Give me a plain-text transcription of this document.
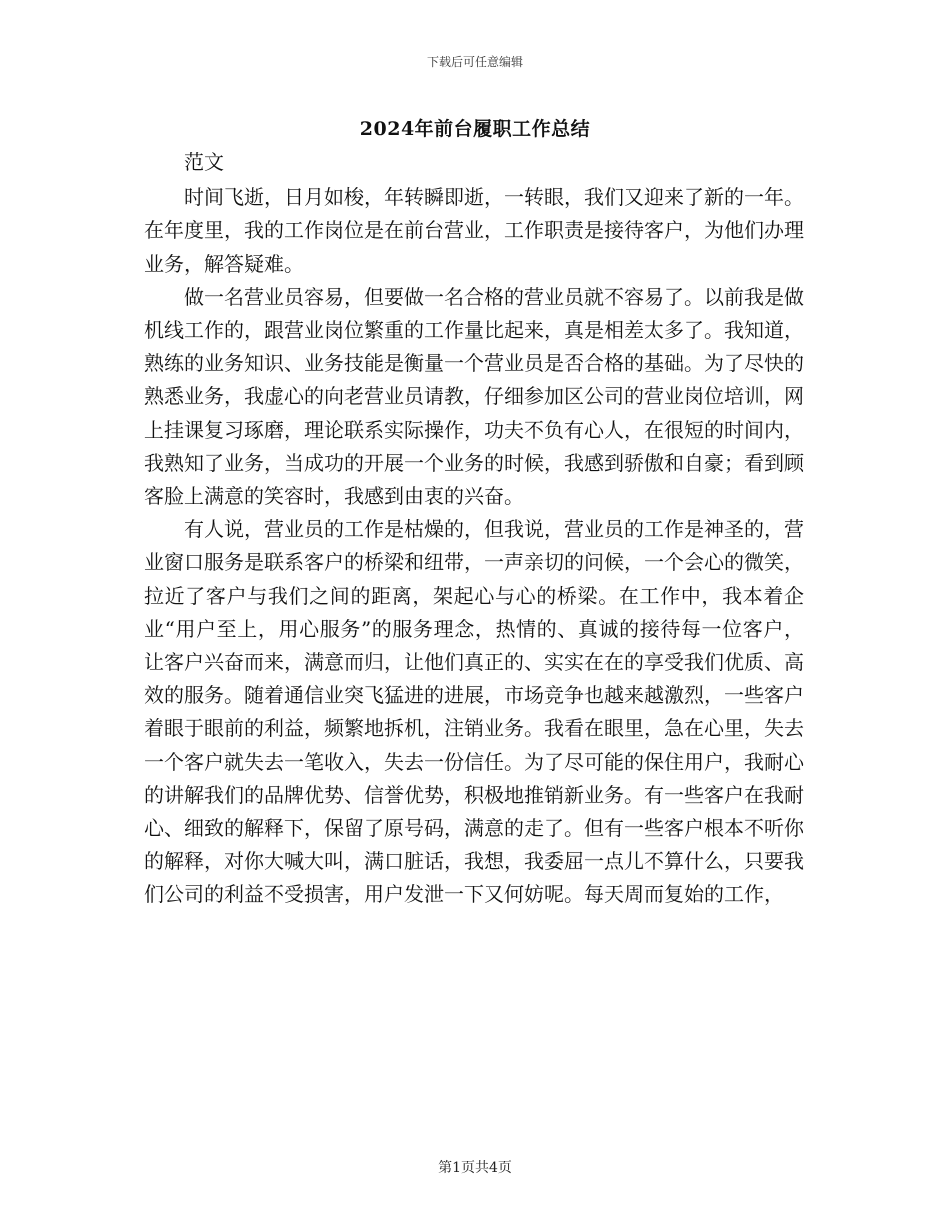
下载后可任意编辑
2024年前台履职工作总结

范文

时间飞逝，日月如梭，年转瞬即逝，一转眼，我们又迎来了新的一年。在年度里，我的工作岗位是在前台营业，工作职责是接待客户，为他们办理业务，解答疑难。

做一名营业员容易，但要做一名合格的营业员就不容易了。以前我是做机线工作的，跟营业岗位繁重的工作量比起来，真是相差太多了。我知道，熟练的业务知识、业务技能是衡量一个营业员是否合格的基础。为了尽快的熟悉业务，我虚心的向老营业员请教，仔细参加区公司的营业岗位培训，网上挂课复习琢磨，理论联系实际操作，功夫不负有心人，在很短的时间内，我熟知了业务，当成功的开展一个业务的时候，我感到骄傲和自豪；看到顾客脸上满意的笑容时，我感到由衷的兴奋。

有人说，营业员的工作是枯燥的，但我说，营业员的工作是神圣的，营业窗口服务是联系客户的桥梁和纽带，一声亲切的问候，一个会心的微笑，拉近了客户与我们之间的距离，架起心与心的桥梁。在工作中，我本着企业“用户至上，用心服务”的服务理念，热情的、真诚的接待每一位客户，让客户兴奋而来，满意而归，让他们真正的、实实在在的享受我们优质、高效的服务。随着通信业突飞猛进的进展，市场竞争也越来越激烈，一些客户着眼于眼前的利益，频繁地拆机，注销业务。我看在眼里，急在心里，失去一个客户就失去一笔收入，失去一份信任。为了尽可能的保住用户，我耐心的讲解我们的品牌优势、信誉优势，积极地推销新业务。有一些客户在我耐心、细致的解释下，保留了原号码，满意的走了。但有一些客户根本不听你的解释，对你大喊大叫，满口脏话，我想，我委屈一点儿不算什么，只要我们公司的利益不受损害，用户发泄一下又何妨呢。每天周而复始的工作，

第1页共4页
